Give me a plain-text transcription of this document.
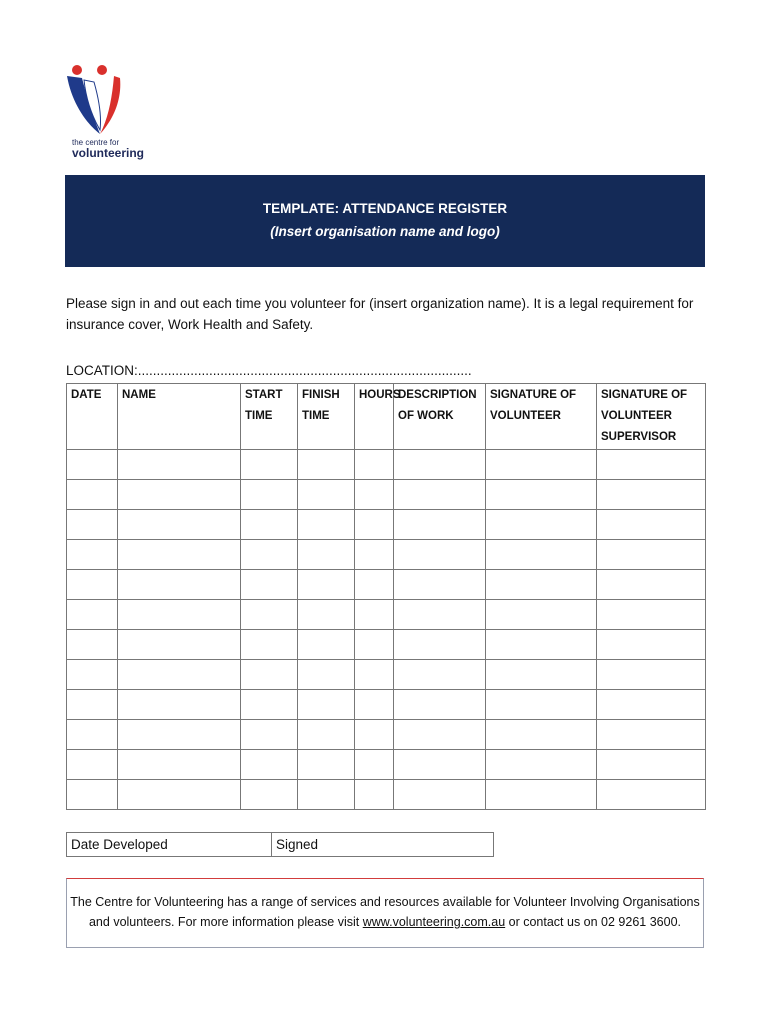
the centre for
volunteering
TEMPLATE: ATTENDANCE REGISTER
(Insert organisation name and logo)
Please sign in and out each time you volunteer for (insert organization name). It is a legal requirement for insurance cover, Work Health and Safety.
LOCATION:.........................................................................................
DATE	NAME	START TIME	FINISH TIME	HOURS	DESCRIPTION OF WORK	SIGNATURE OF VOLUNTEER	SIGNATURE OF VOLUNTEER SUPERVISOR

Date Developed	Signed
The Centre for Volunteering has a range of services and resources available for Volunteer Involving Organisations and volunteers. For more information please visit www.volunteering.com.au or contact us on 02 9261 3600.
